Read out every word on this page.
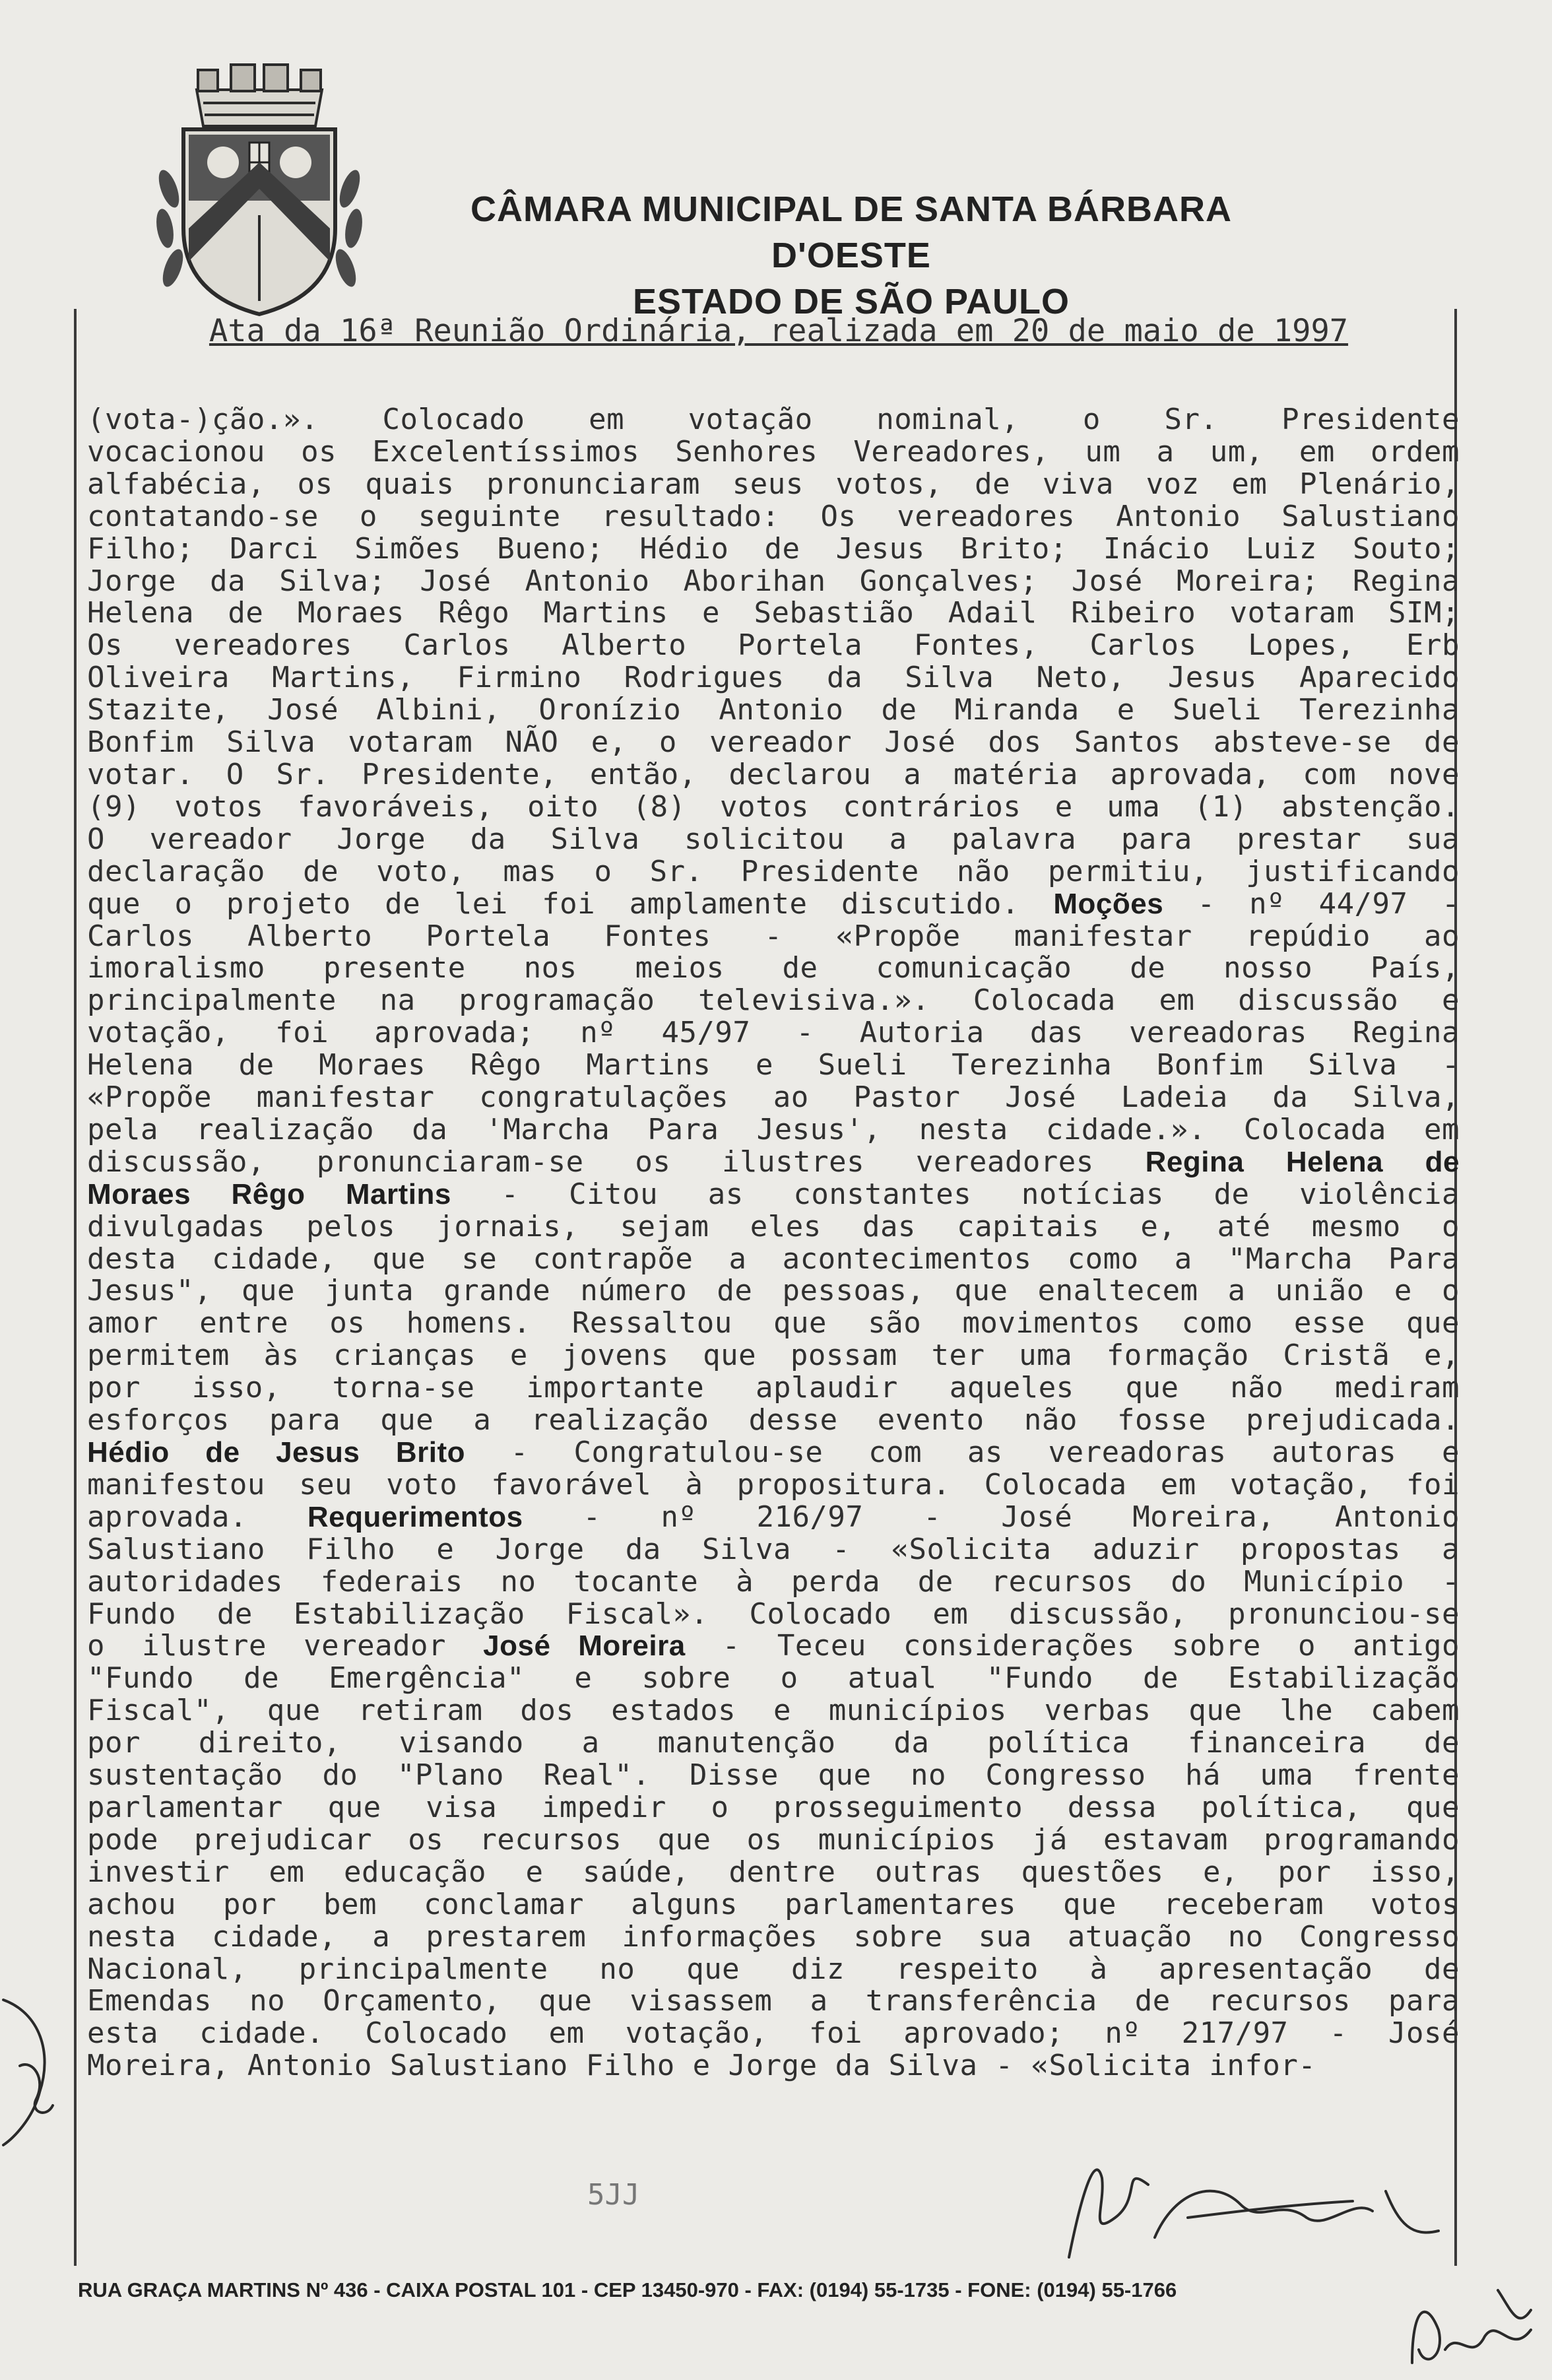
CÂMARA MUNICIPAL DE SANTA BÁRBARA D'OESTE
ESTADO DE SÃO PAULO
Ata da 16ª Reunião Ordinária, realizada em 20 de maio de 1997
(vota-)ção.». Colocado em votação nominal, o Sr. Presidente
vocacionou os Excelentíssimos Senhores Vereadores, um a um, em ordem
alfabécia, os quais pronunciaram seus votos, de viva voz em Plenário,
contatando-se o seguinte resultado: Os vereadores Antonio Salustiano
Filho; Darci Simões Bueno; Hédio de Jesus Brito; Inácio Luiz Souto;
Jorge da Silva; José Antonio Aborihan Gonçalves; José Moreira; Regina
Helena de Moraes Rêgo Martins e Sebastião Adail Ribeiro votaram SIM;
Os vereadores Carlos Alberto Portela Fontes, Carlos Lopes, Erb
Oliveira Martins, Firmino Rodrigues da Silva Neto, Jesus Aparecido
Stazite, José Albini, Oronízio Antonio de Miranda e Sueli Terezinha
Bonfim Silva votaram NÃO e, o vereador José dos Santos absteve-se de
votar. O Sr. Presidente, então, declarou a matéria aprovada, com nove
(9) votos favoráveis, oito (8) votos contrários e uma (1) abstenção.
O vereador Jorge da Silva solicitou a palavra para prestar sua
declaração de voto, mas o Sr. Presidente não permitiu, justificando
que o projeto de lei foi amplamente discutido. Moções - nº 44/97 -
Carlos Alberto Portela Fontes - «Propõe manifestar repúdio ao
imoralismo presente nos meios de comunicação de nosso País,
principalmente na programação televisiva.». Colocada em discussão e
votação, foi aprovada; nº 45/97 - Autoria das vereadoras Regina
Helena de Moraes Rêgo Martins e Sueli Terezinha Bonfim Silva -
«Propõe manifestar congratulações ao Pastor José Ladeia da Silva,
pela realização da 'Marcha Para Jesus', nesta cidade.». Colocada em
discussão, pronunciaram-se os ilustres vereadores Regina Helena de
Moraes Rêgo Martins - Citou as constantes notícias de violência
divulgadas pelos jornais, sejam eles das capitais e, até mesmo o
desta cidade, que se contrapõe a acontecimentos como a "Marcha Para
Jesus", que junta grande número de pessoas, que enaltecem a união e o
amor entre os homens. Ressaltou que são movimentos como esse que
permitem às crianças e jovens que possam ter uma formação Cristã e,
por isso, torna-se importante aplaudir aqueles que não mediram
esforços para que a realização desse evento não fosse prejudicada.
Hédio de Jesus Brito - Congratulou-se com as vereadoras autoras e
manifestou seu voto favorável à propositura. Colocada em votação, foi
aprovada. Requerimentos - nº 216/97 - José Moreira, Antonio
Salustiano Filho e Jorge da Silva - «Solicita aduzir propostas a
autoridades federais no tocante à perda de recursos do Município -
Fundo de Estabilização Fiscal». Colocado em discussão, pronunciou-se
o ilustre vereador José Moreira - Teceu considerações sobre o antigo
"Fundo de Emergência" e sobre o atual "Fundo de Estabilização
Fiscal", que retiram dos estados e municípios verbas que lhe cabem
por direito, visando a manutenção da política financeira de
sustentação do "Plano Real". Disse que no Congresso há uma frente
parlamentar que visa impedir o prosseguimento dessa política, que
pode prejudicar os recursos que os municípios já estavam programando
investir em educação e saúde, dentre outras questões e, por isso,
achou por bem conclamar alguns parlamentares que receberam votos
nesta cidade, a prestarem informações sobre sua atuação no Congresso
Nacional, principalmente no que diz respeito à apresentação de
Emendas no Orçamento, que visassem a transferência de recursos para
esta cidade. Colocado em votação, foi aprovado; nº 217/97 - José
Moreira, Antonio Salustiano Filho e Jorge da Silva - «Solicita infor-
5JJ
RUA GRAÇA MARTINS Nº 436 - CAIXA POSTAL 101 - CEP 13450-970 - FAX: (0194) 55-1735 - FONE: (0194) 55-1766
